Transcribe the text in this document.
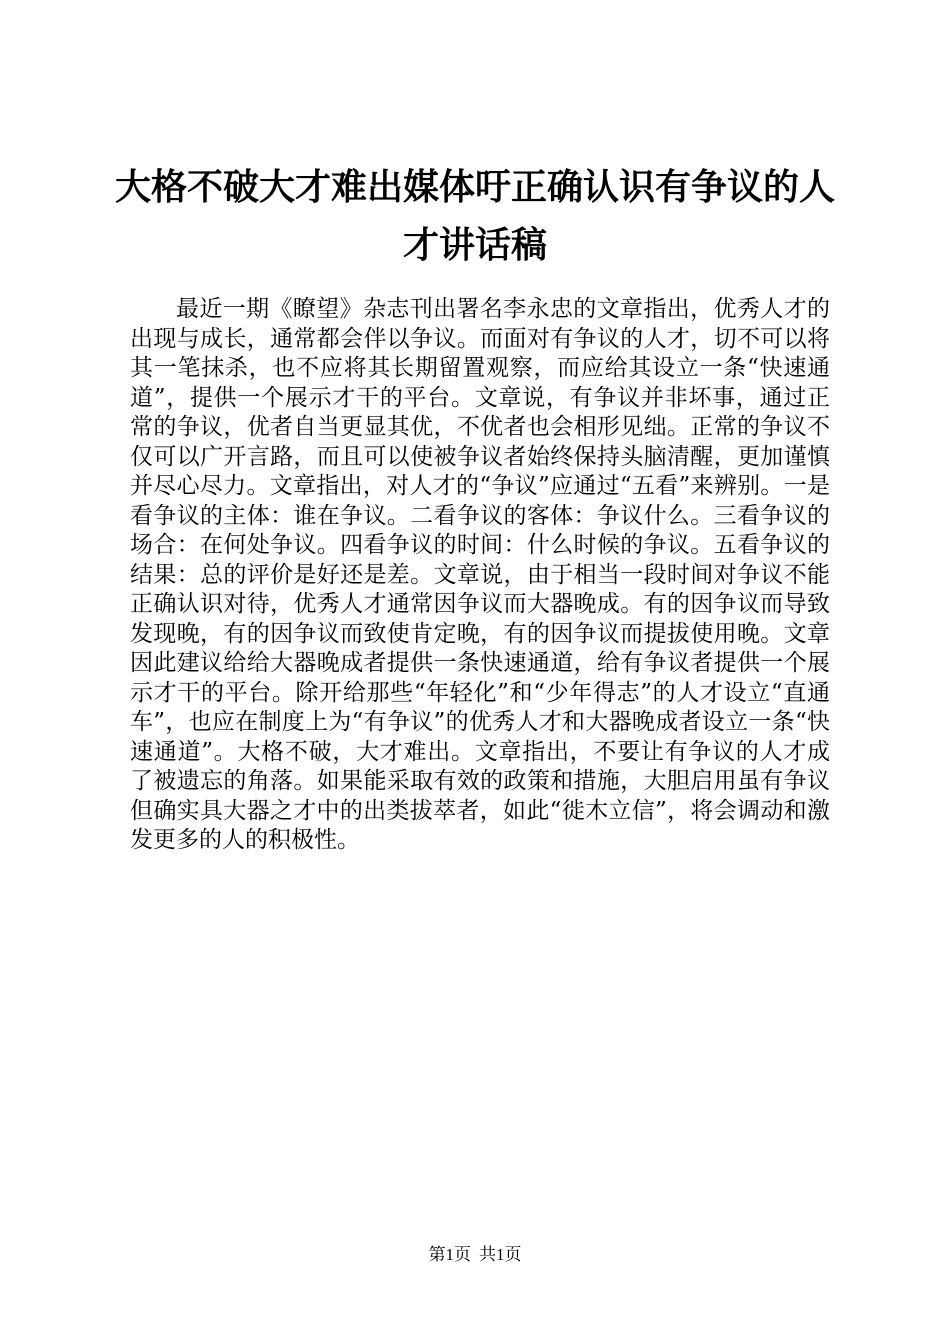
大格不破大才难出媒体吁正确认识有争议的人才讲话稿

最近一期《瞭望》杂志刊出署名李永忠的文章指出，优秀人才的出现与成长，通常都会伴以争议。而面对有争议的人才，切不可以将其一笔抹杀，也不应将其长期留置观察，而应给其设立一条“快速通道”，提供一个展示才干的平台。文章说，有争议并非坏事，通过正常的争议，优者自当更显其优，不优者也会相形见绌。正常的争议不仅可以广开言路，而且可以使被争议者始终保持头脑清醒，更加谨慎并尽心尽力。文章指出，对人才的“争议”应通过“五看”来辨别。一是看争议的主体：谁在争议。二看争议的客体：争议什么。三看争议的场合：在何处争议。四看争议的时间：什么时候的争议。五看争议的结果：总的评价是好还是差。文章说，由于相当一段时间对争议不能正确认识对待，优秀人才通常因争议而大器晚成。有的因争议而导致发现晚，有的因争议而致使肯定晚，有的因争议而提拔使用晚。文章因此建议给给大器晚成者提供一条快速通道，给有争议者提供一个展示才干的平台。除开给那些“年轻化”和“少年得志”的人才设立“直通车”，也应在制度上为“有争议”的优秀人才和大器晚成者设立一条“快速通道”。大格不破，大才难出。文章指出，不要让有争议的人才成了被遗忘的角落。如果能采取有效的政策和措施，大胆启用虽有争议但确实具大器之才中的出类拔萃者，如此“徙木立信”，将会调动和激发更多的人的积极性。

第1页 共1页
